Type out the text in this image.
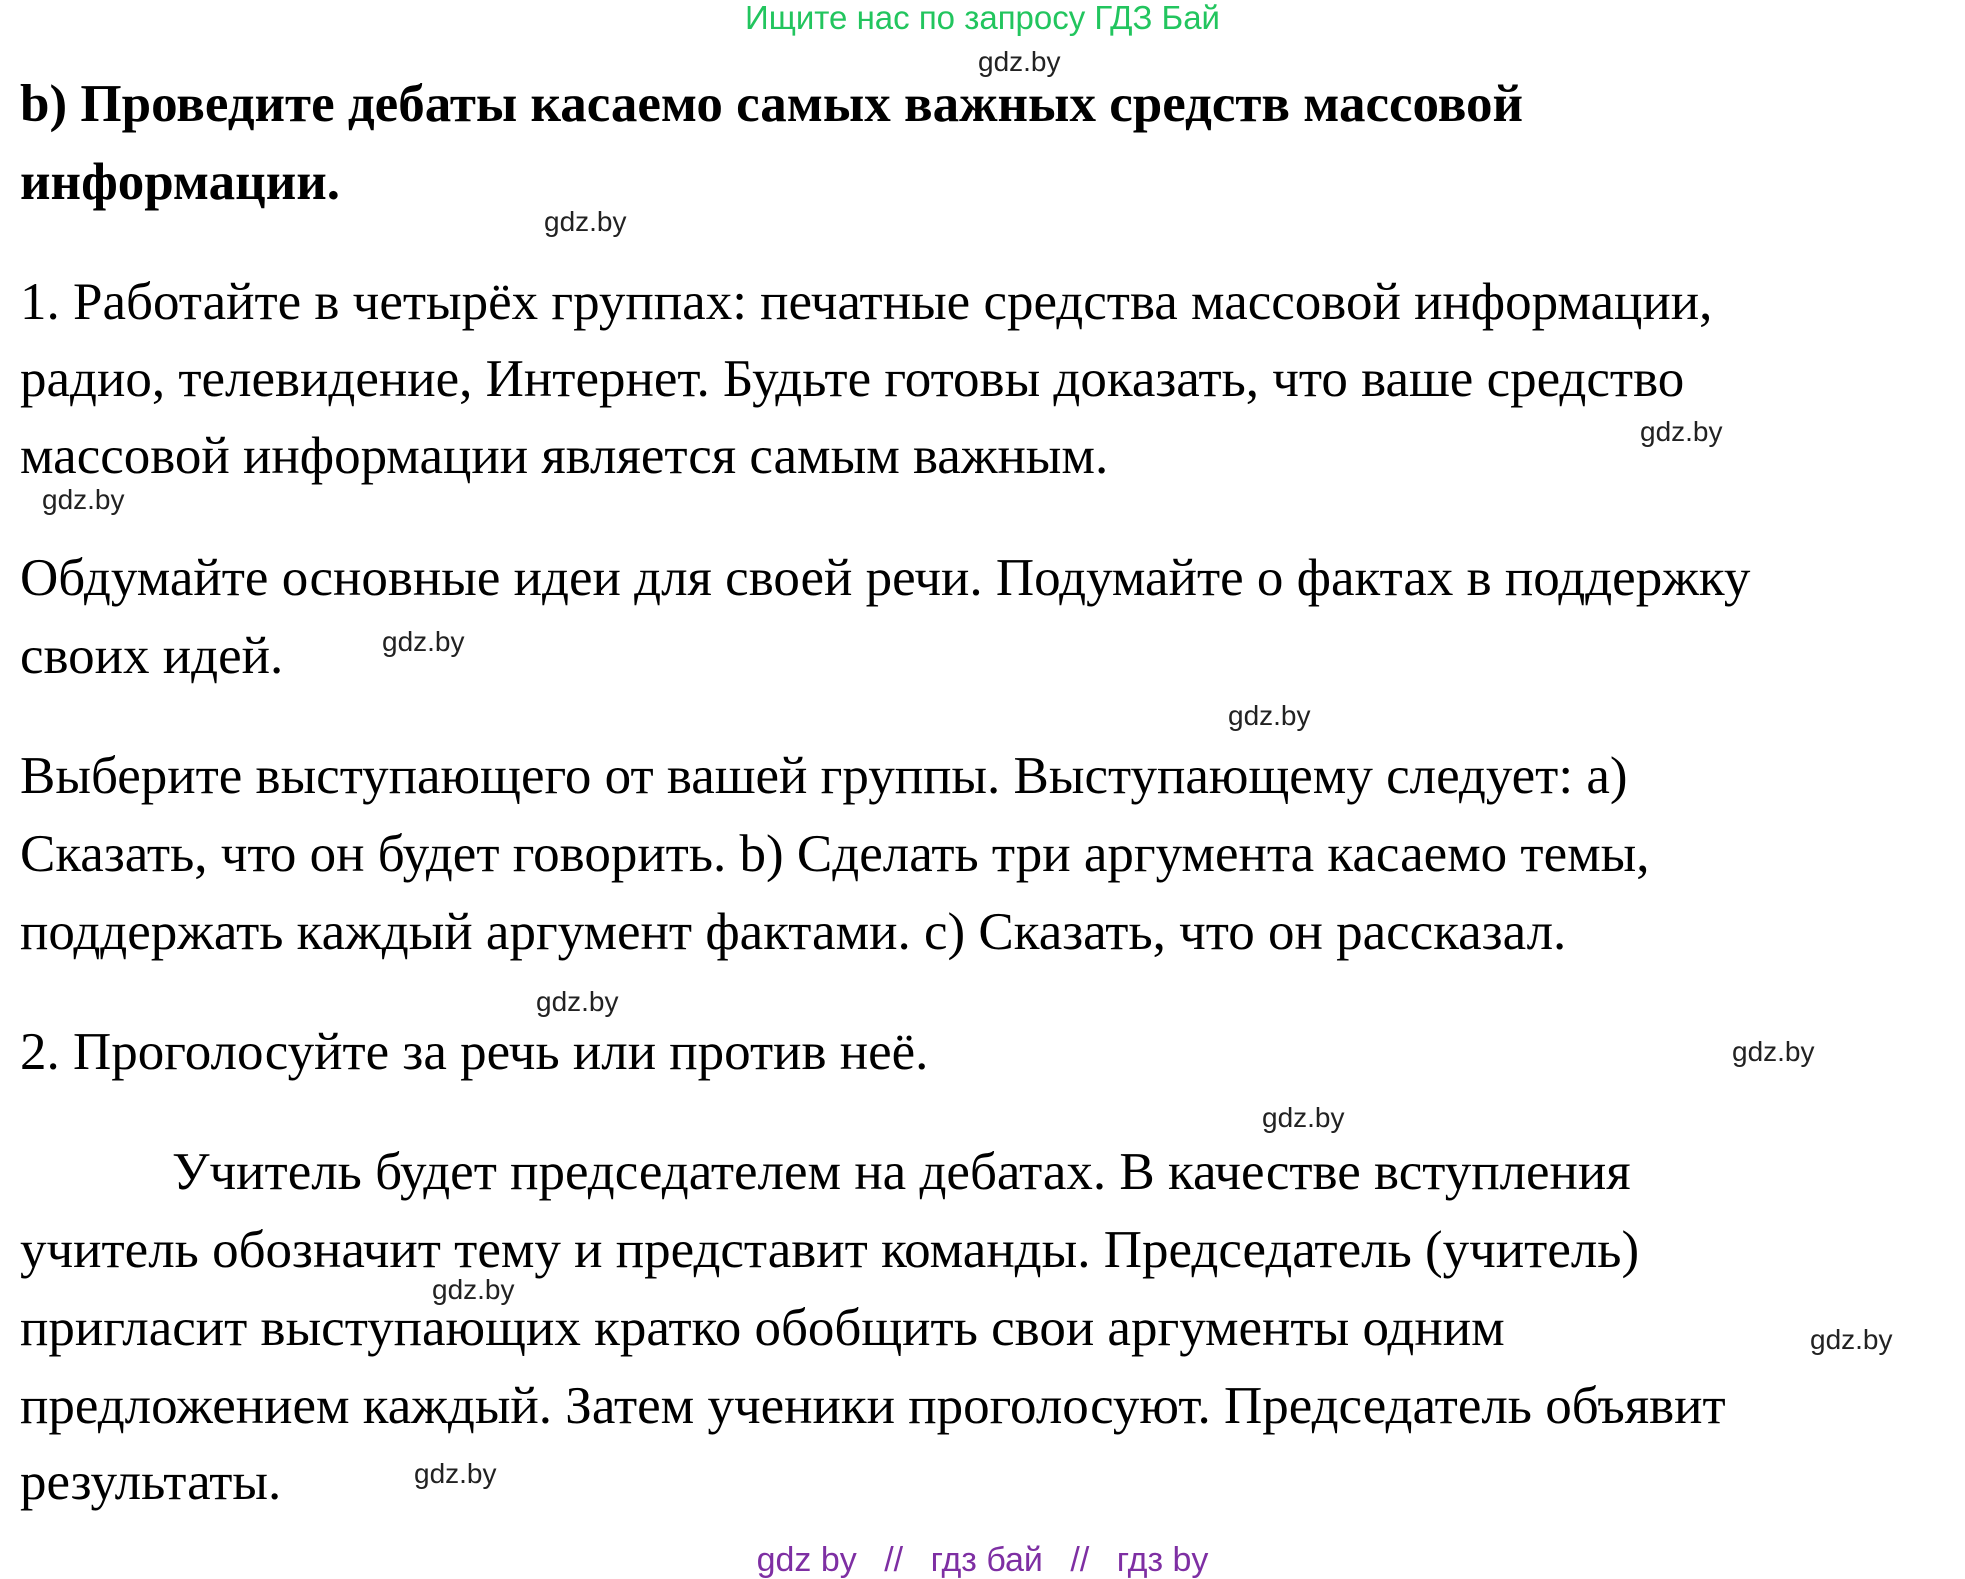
Ищите нас по запросу ГДЗ Бай
gdz.by
gdz.by
gdz.by
gdz.by
gdz.by
gdz.by
gdz.by
gdz.by
gdz.by
gdz.by
gdz.by
gdz.by
b) Проведите дебаты касаемо самых важных средств массовой
информации.
1. Работайте в четырёх группах: печатные средства массовой информации,
радио, телевидение, Интернет. Будьте готовы доказать, что ваше средство
массовой информации является самым важным.
Обдумайте основные идеи для своей речи. Подумайте о фактах в поддержку
своих идей.
Выберите выступающего от вашей группы. Выступающему следует: a)
Сказать, что он будет говорить. b) Сделать три аргумента касаемо темы,
поддержать каждый аргумент фактами. c) Сказать, что он рассказал.
2. Проголосуйте за речь или против неё.
Учитель будет председателем на дебатах. В качестве вступления
учитель обозначит тему и представит команды. Председатель (учитель)
пригласит выступающих кратко обобщить свои аргументы одним
предложением каждый. Затем ученики проголосуют. Председатель объявит
результаты.
gdz by // гдз бай // гдз by
